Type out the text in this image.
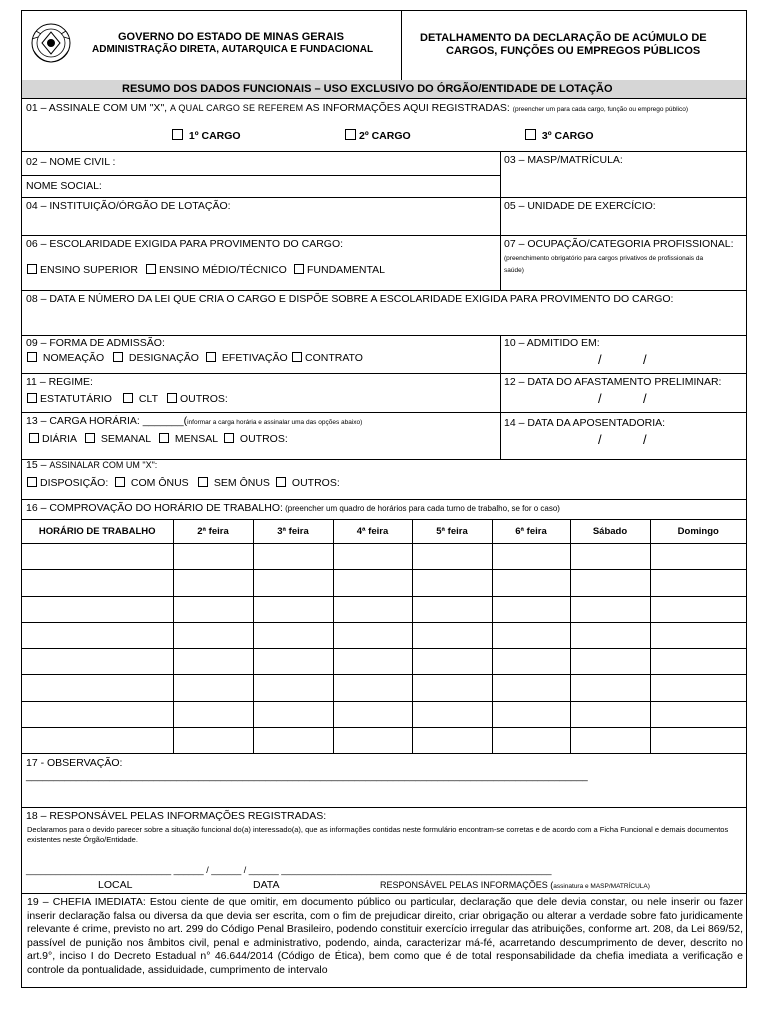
GOVERNO DO ESTADO DE MINAS GERAIS
ADMINISTRAÇÃO DIRETA, AUTARQUICA E FUNDACIONAL
DETALHAMENTO DA DECLARAÇÃO DE ACÚMULO DE
CARGOS, FUNÇÕES OU EMPREGOS PÚBLICOS
RESUMO DOS DADOS FUNCIONAIS – USO EXCLUSIVO DO ÓRGÃO/ENTIDADE DE LOTAÇÃO
01 – ASSINALE COM UM "X", A QUAL CARGO SE REFEREM AS INFORMAÇÕES AQUI REGISTRADAS: (preencher um para cada cargo, função ou emprego público)
1º CARGO	2º CARGO	3º CARGO
02 – NOME CIVIL :
NOME SOCIAL:
03 – MASP/MATRÍCULA:
04 – INSTITUIÇÃO/ÓRGÃO DE LOTAÇÃO:	05 – UNIDADE DE EXERCÍCIO:
06 – ESCOLARIDADE EXIGIDA PARA PROVIMENTO DO CARGO:
ENSINO SUPERIOR	ENSINO MÉDIO/TÉCNICO	FUNDAMENTAL
07 – OCUPAÇÃO/CATEGORIA PROFISSIONAL:
(preenchimento obrigatório para cargos privativos de profissionais da
saúde)
08 – DATA E NÚMERO DA LEI QUE CRIA O CARGO E DISPÕE SOBRE A ESCOLARIDADE EXIGIDA PARA PROVIMENTO DO CARGO:
09 – FORMA DE ADMISSÃO:
NOMEAÇÃO	DESIGNAÇÃO	EFETIVAÇÃO	CONTRATO
10 – ADMITIDO EM:
/	/
11 – REGIME:
ESTATUTÁRIO	CLT	OUTROS:
12 – DATA DO AFASTAMENTO PRELIMINAR:
/	/
13 – CARGA HORÁRIA: _______(informar a carga horária e assinalar uma das opções abaixo)
DIÁRIA	SEMANAL	MENSAL	OUTROS:
14 – DATA DA APOSENTADORIA:
/	/
15 – ASSINALAR COM UM "X":
DISPOSIÇÃO:	COM ÔNUS	SEM ÔNUS	OUTROS:
16 – COMPROVAÇÃO DO HORÁRIO DE TRABALHO: (preencher um quadro de horários para cada turno de trabalho, se for o caso)
HORÁRIO DE TRABALHO	2ª feira	3ª feira	4ª feira	5ª feira	6ª feira	Sábado	Domingo

17 - OBSERVAÇÃO:
_____________________________________________________________________________________________________
18 – RESPONSÁVEL PELAS INFORMAÇÕES REGISTRADAS:
Declaramos para o devido parecer sobre a situação funcional do(a) interessado(a), que as informações contidas neste formulário encontram-se corretas e de acordo com a Ficha Funcional e demais documentos existentes neste Órgão/Entidade.
_____________________________ ______ / ______ / ______ ______________________________________________________
LOCAL	DATA	RESPONSÁVEL PELAS INFORMAÇÕES (assinatura e MASP/MATRÍCULA)
19 – CHEFIA IMEDIATA: Estou ciente de que omitir, em documento público ou particular, declaração que dele devia constar, ou nele inserir ou fazer inserir declaração falsa ou diversa da que devia ser escrita, com o fim de prejudicar direito, criar obrigação ou alterar a verdade sobre fato juridicamente relevante é crime, previsto no art. 299 do Código Penal Brasileiro, podendo constituir exercício irregular das atribuições, conforme art. 208, da Lei 869/52, passível de punição nos âmbitos civil, penal e administrativo, podendo, ainda, caracterizar má-fé, acarretando descumprimento de dever, descrito no art.9°, inciso I do Decreto Estadual n° 46.644/2014 (Código de Ética), bem como que é de total responsabilidade da chefia imediata a verificação e controle da pontualidade, assiduidade, cumprimento de intervalo
